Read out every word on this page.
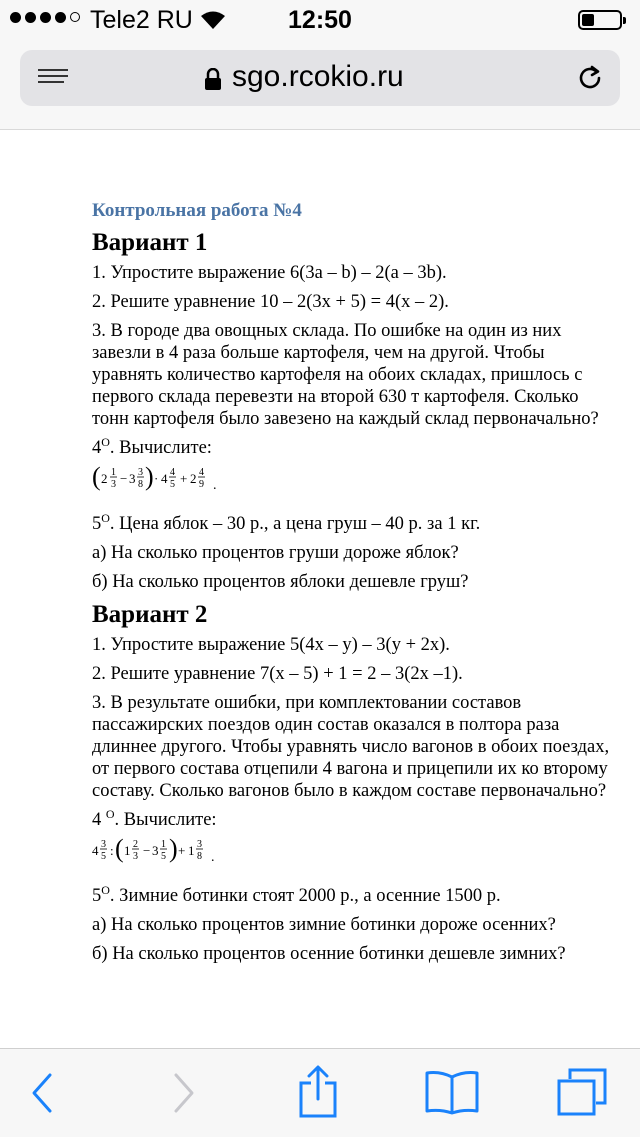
Tele2 RU	12:50
sgo.rcokio.ru
Контрольная работа №4
Вариант 1

1. Упростите выражение 6(3a – b) – 2(a – 3b).

2. Решите уравнение 10 – 2(3x + 5) = 4(x – 2).

3. В городе два овощных склада. По ошибке на один из них завезли в 4 раза больше картофеля, чем на другой. Чтобы уравнять количество картофеля на обоих складах, пришлось с первого склада перевезти на второй 630 т картофеля. Сколько тонн картофеля было завезено на каждый склад первоначально?

$4^O$. Вычислите:

( 2 1
3 − 3 3
8 ) · 4 4
5 + 2 4
9 .

$5^O$. Цена яблок – 30 р., а цена груш – 40 р. за 1 кг.

а) На сколько процентов груши дороже яблок?

б) На сколько процентов яблоки дешевле груш?

Вариант 2

1. Упростите выражение 5(4x – y) – 3(y + 2x).

2. Решите уравнение 7(x – 5) + 1 = 2 – 3(2x –1).

3. В результате ошибки, при комплектовании составов пассажирских поездов один состав оказался в полтора раза длиннее другого. Чтобы уравнять число вагонов в обоих поездах, от первого состава отцепили 4 вагона и прицепили их ко второму составу. Сколько вагонов было в каждом составе первоначально?

4 $^O$. Вычислите:

4 3
5 : ( 1 2
3 − 3 1
5 ) + 1 3
8 .

$5^O$. Зимние ботинки стоят 2000 р., а осенние 1500 р.

а) На сколько процентов зимние ботинки дороже осенних?

б) На сколько процентов осенние ботинки дешевле зимних?
